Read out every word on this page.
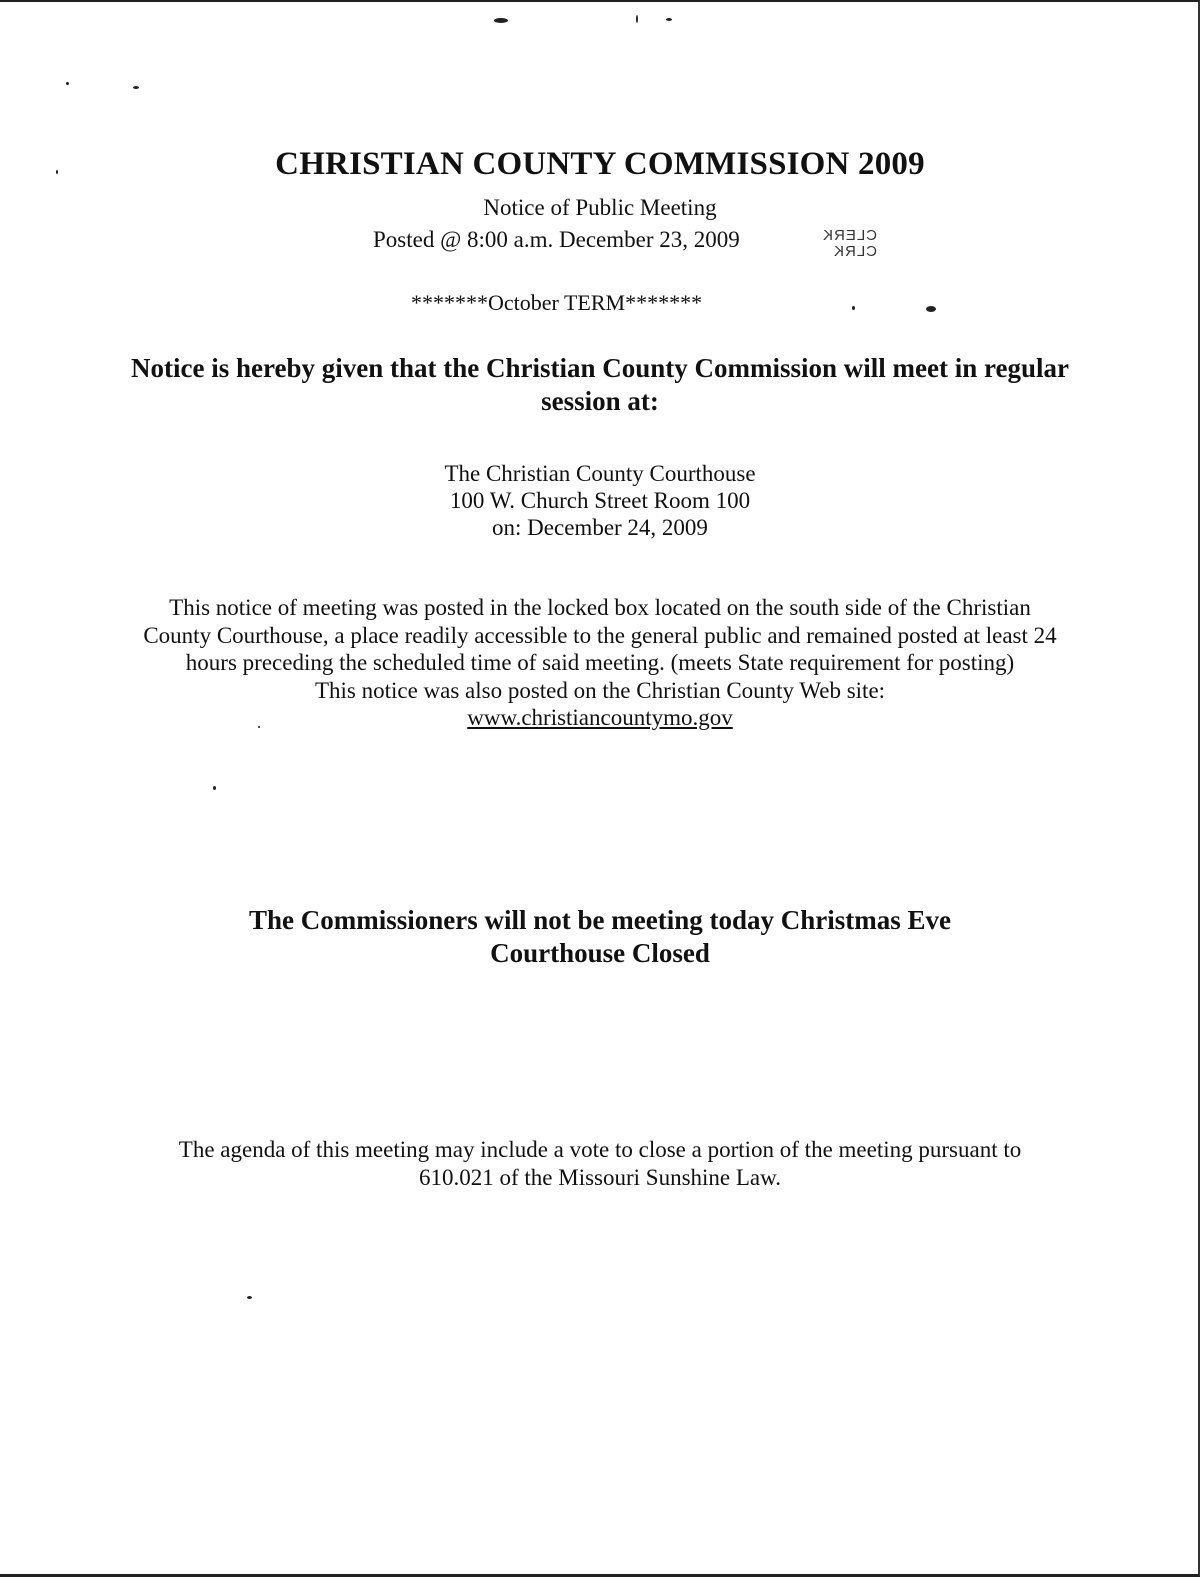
CHRISTIAN COUNTY COMMISSION 2009
Notice of Public Meeting
Posted @ 8:00 a.m. December 23, 2009	CLERK
CLRK
*******October TERM*******
Notice is hereby given that the Christian County Commission will meet in regular
session at:
The Christian County Courthouse
100 W. Church Street Room 100
on: December 24, 2009
This notice of meeting was posted in the locked box located on the south side of the Christian
County Courthouse, a place readily accessible to the general public and remained posted at least 24
hours preceding the scheduled time of said meeting. (meets State requirement for posting)
This notice was also posted on the Christian County Web site:
www.christiancountymo.gov
The Commissioners will not be meeting today Christmas Eve
Courthouse Closed
The agenda of this meeting may include a vote to close a portion of the meeting pursuant to
610.021 of the Missouri Sunshine Law.
